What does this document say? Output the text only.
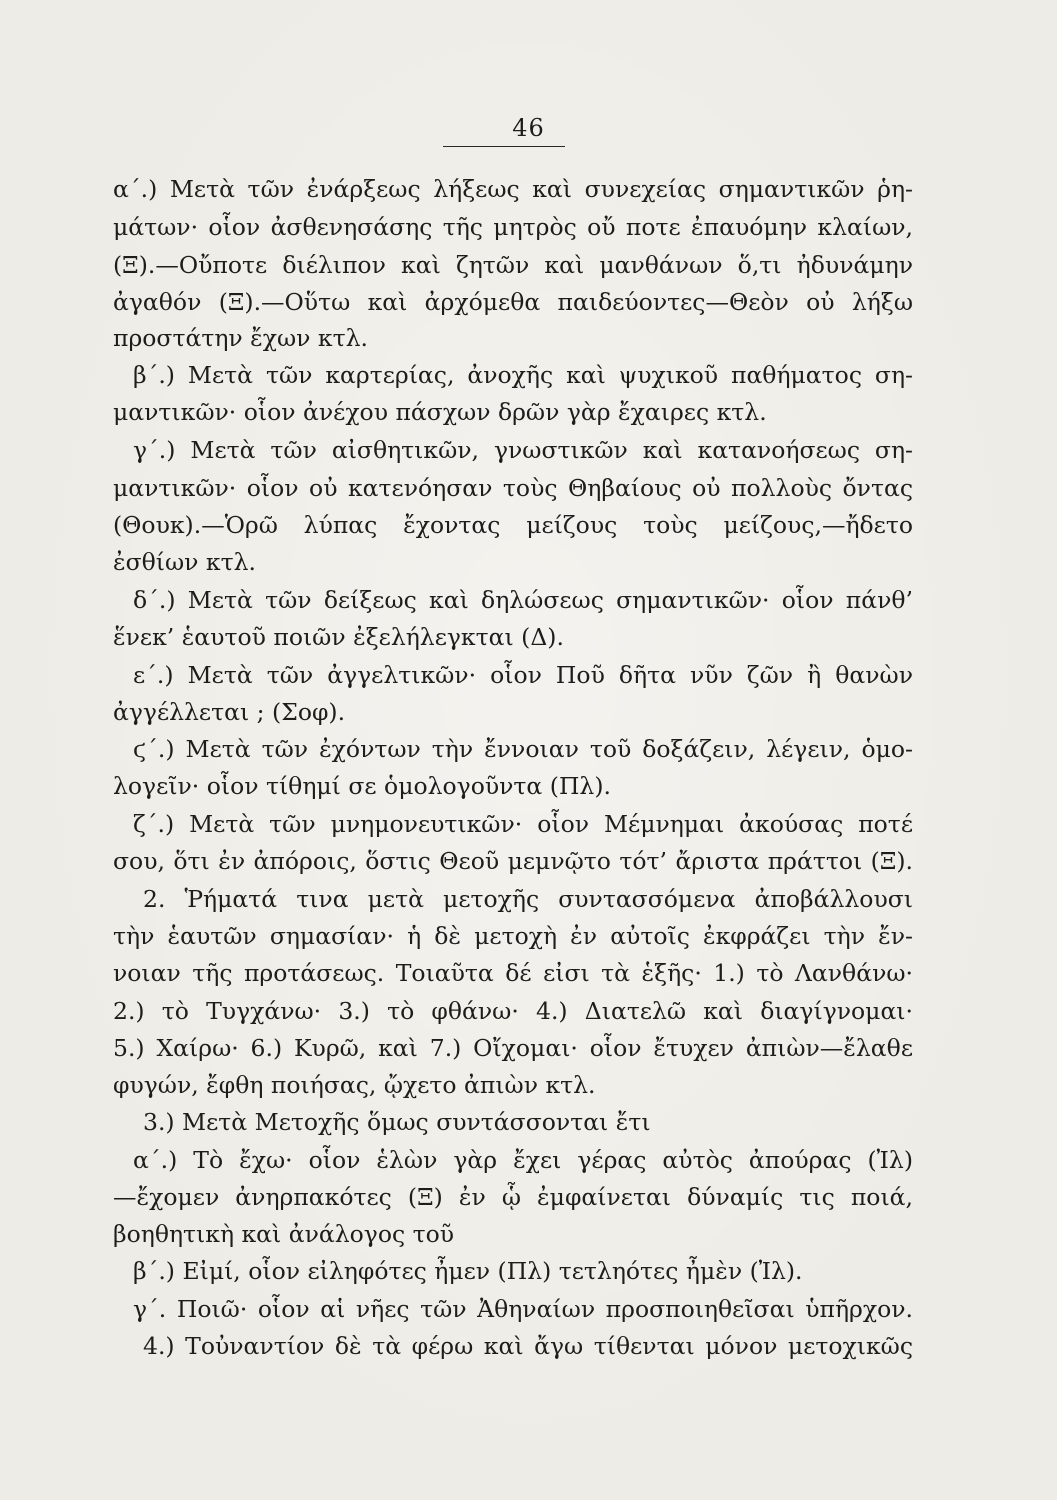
46
α΄.) Μετὰ τῶν ἐνάρξεως λήξεως καὶ συνεχείας σημαντικῶν ῥη-
μάτων· οἷον ἀσθενησάσης τῆς μητρὸς οὔ ποτε ἐπαυόμην κλαίων,
(Ξ).—Οὔποτε διέλιπον καὶ ζητῶν καὶ μανθάνων ὅ,τι ἠδυνάμην
ἀγαθόν (Ξ).—Οὕτω καὶ ἀρχόμεθα παιδεύοντες—Θεὸν οὐ λήξω
προστάτην ἔχων κτλ.
β΄.) Μετὰ τῶν καρτερίας, ἀνοχῆς καὶ ψυχικοῦ παθήματος ση-
μαντικῶν· οἷον ἀνέχου πάσχων δρῶν γὰρ ἔχαιρες κτλ.
γ΄.) Μετὰ τῶν αἰσθητικῶν, γνωστικῶν καὶ κατανοήσεως ση-
μαντικῶν· οἷον οὐ κατενόησαν τοὺς Θηβαίους οὐ πολλοὺς ὄντας
(Θουκ).—Ὁρῶ λύπας ἔχοντας μείζους τοὺς μείζους,—ἤδετο
ἐσθίων κτλ.
δ΄.) Μετὰ τῶν δείξεως καὶ δηλώσεως σημαντικῶν· οἷον πάνθ’
ἕνεκ’ ἑαυτοῦ ποιῶν ἐξελήλεγκται (Δ).
ε΄.) Μετὰ τῶν ἀγγελτικῶν· οἷον Ποῦ δῆτα νῦν ζῶν ἢ θανὼν
ἀγγέλλεται ; (Σοφ).
ϛ΄.) Μετὰ τῶν ἐχόντων τὴν ἔννοιαν τοῦ δοξάζειν, λέγειν, ὁμο-
λογεῖν· οἷον τίθημί σε ὁμολογοῦντα (Πλ).
ζ΄.) Μετὰ τῶν μνημονευτικῶν· οἷον Μέμνημαι ἀκούσας ποτέ
σου, ὅτι ἐν ἀπόροις, ὅστις Θεοῦ μεμνῷτο τότ’ ἄριστα πράττοι (Ξ).
2. Ῥήματά τινα μετὰ μετοχῆς συντασσόμενα ἀποβάλλουσι
τὴν ἑαυτῶν σημασίαν· ἡ δὲ μετοχὴ ἐν αὐτοῖς ἐκφράζει τὴν ἔν-
νοιαν τῆς προτάσεως. Τοιαῦτα δέ εἰσι τὰ ἑξῆς· 1.) τὸ Λανθάνω·
2.) τὸ Τυγχάνω· 3.) τὸ φθάνω· 4.) Διατελῶ καὶ διαγίγνομαι·
5.) Χαίρω· 6.) Κυρῶ, καὶ 7.) Οἴχομαι· οἷον ἔτυχεν ἀπιὼν—ἔλαθε
φυγών, ἔφθη ποιήσας, ᾤχετο ἀπιὼν κτλ.
3.) Μετὰ Μετοχῆς ὅμως συντάσσονται ἔτι
α΄.) Τὸ ἔχω· οἷον ἑλὼν γὰρ ἔχει γέρας αὐτὸς ἀπούρας (Ἰλ)
—ἔχομεν ἀνηρπακότες (Ξ) ἐν ᾧ ἐμφαίνεται δύναμίς τις ποιά,
βοηθητικὴ καὶ ἀνάλογος τοῦ
β΄.) Εἰμί, οἷον εἰληφότες ἦμεν (Πλ) τετληότες ἦμὲν (Ἰλ).
γ΄. Ποιῶ· οἷον αἱ νῆες τῶν Ἀθηναίων προσποιηθεῖσαι ὑπῆρχον.
4.) Τοὐναντίον δὲ τὰ φέρω καὶ ἄγω τίθενται μόνον μετοχικῶς
